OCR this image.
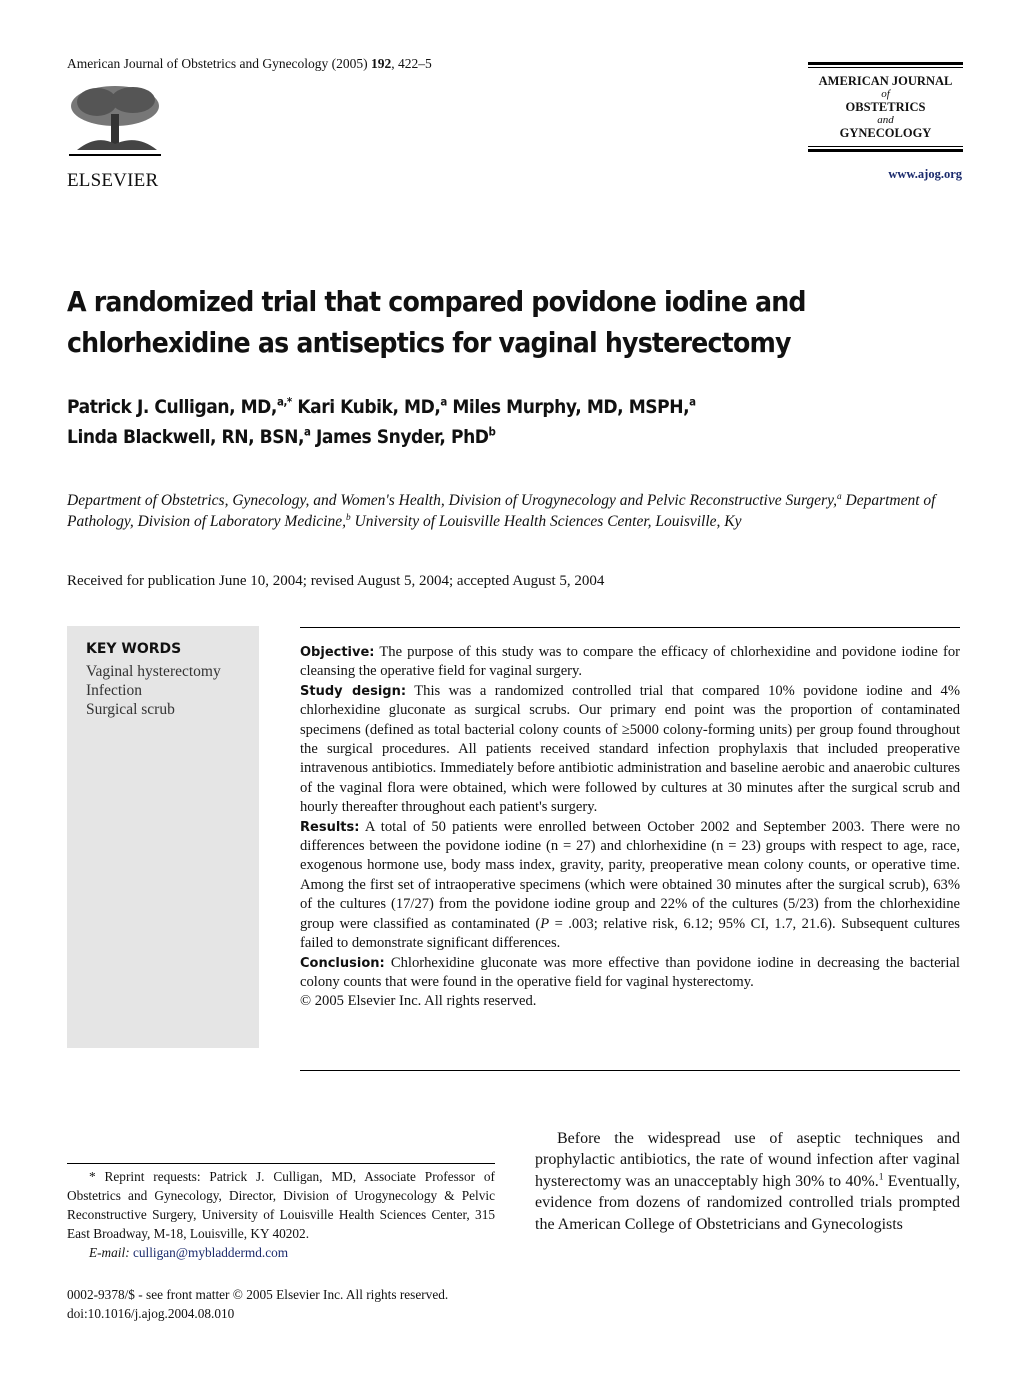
American Journal of Obstetrics and Gynecology (2005) 192, 422–5
ELSEVIER
AMERICAN JOURNAL
of
OBSTETRICS
and
GYNECOLOGY
www.ajog.org
A randomized trial that compared povidone iodine and chlorhexidine as antiseptics for vaginal hysterectomy
Patrick J. Culligan, MD,$^{a,*}$ Kari Kubik, MD,$^a$ Miles Murphy, MD, MSPH,$^a$
Linda Blackwell, RN, BSN,$^a$ James Snyder, PhD$^b$
Department of Obstetrics, Gynecology, and Women's Health, Division of Urogynecology and Pelvic Reconstructive Surgery,$^a$ Department of Pathology, Division of Laboratory Medicine,$^b$ University of Louisville Health Sciences Center, Louisville, Ky
Received for publication June 10, 2004; revised August 5, 2004; accepted August 5, 2004
KEY WORDS
Vaginal hysterectomy
Infection
Surgical scrub

Objective: The purpose of this study was to compare the efficacy of chlorhexidine and povidone iodine for cleansing the operative field for vaginal surgery.

Study design: This was a randomized controlled trial that compared 10% povidone iodine and 4% chlorhexidine gluconate as surgical scrubs. Our primary end point was the proportion of contaminated specimens (defined as total bacterial colony counts of ≥5000 colony-forming units) per group found throughout the surgical procedures. All patients received standard infection prophylaxis that included preoperative intravenous antibiotics. Immediately before antibiotic administration and baseline aerobic and anaerobic cultures of the vaginal flora were obtained, which were followed by cultures at 30 minutes after the surgical scrub and hourly thereafter throughout each patient's surgery.

Results: A total of 50 patients were enrolled between October 2002 and September 2003. There were no differences between the povidone iodine (n = 27) and chlorhexidine (n = 23) groups with respect to age, race, exogenous hormone use, body mass index, gravity, parity, preoperative mean colony counts, or operative time. Among the first set of intraoperative specimens (which were obtained 30 minutes after the surgical scrub), 63% of the cultures (17/27) from the povidone iodine group and 22% of the cultures (5/23) from the chlorhexidine group were classified as contaminated (P = .003; relative risk, 6.12; 95% CI, 1.7, 21.6). Subsequent cultures failed to demonstrate significant differences.

Conclusion: Chlorhexidine gluconate was more effective than povidone iodine in decreasing the bacterial colony counts that were found in the operative field for vaginal hysterectomy.

© 2005 Elsevier Inc. All rights reserved.

* Reprint requests: Patrick J. Culligan, MD, Associate Professor of Obstetrics and Gynecology, Director, Division of Urogynecology & Pelvic Reconstructive Surgery, University of Louisville Health Sciences Center, 315 East Broadway, M-18, Louisville, KY 40202.

E-mail: culligan@mybladdermd.com

0002-9378/$ - see front matter © 2005 Elsevier Inc. All rights reserved.
doi:10.1016/j.ajog.2004.08.010

Before the widespread use of aseptic techniques and prophylactic antibiotics, the rate of wound infection after vaginal hysterectomy was an unacceptably high 30% to 40%.$^1$ Eventually, evidence from dozens of randomized controlled trials prompted the American College of Obstetricians and Gynecologists
